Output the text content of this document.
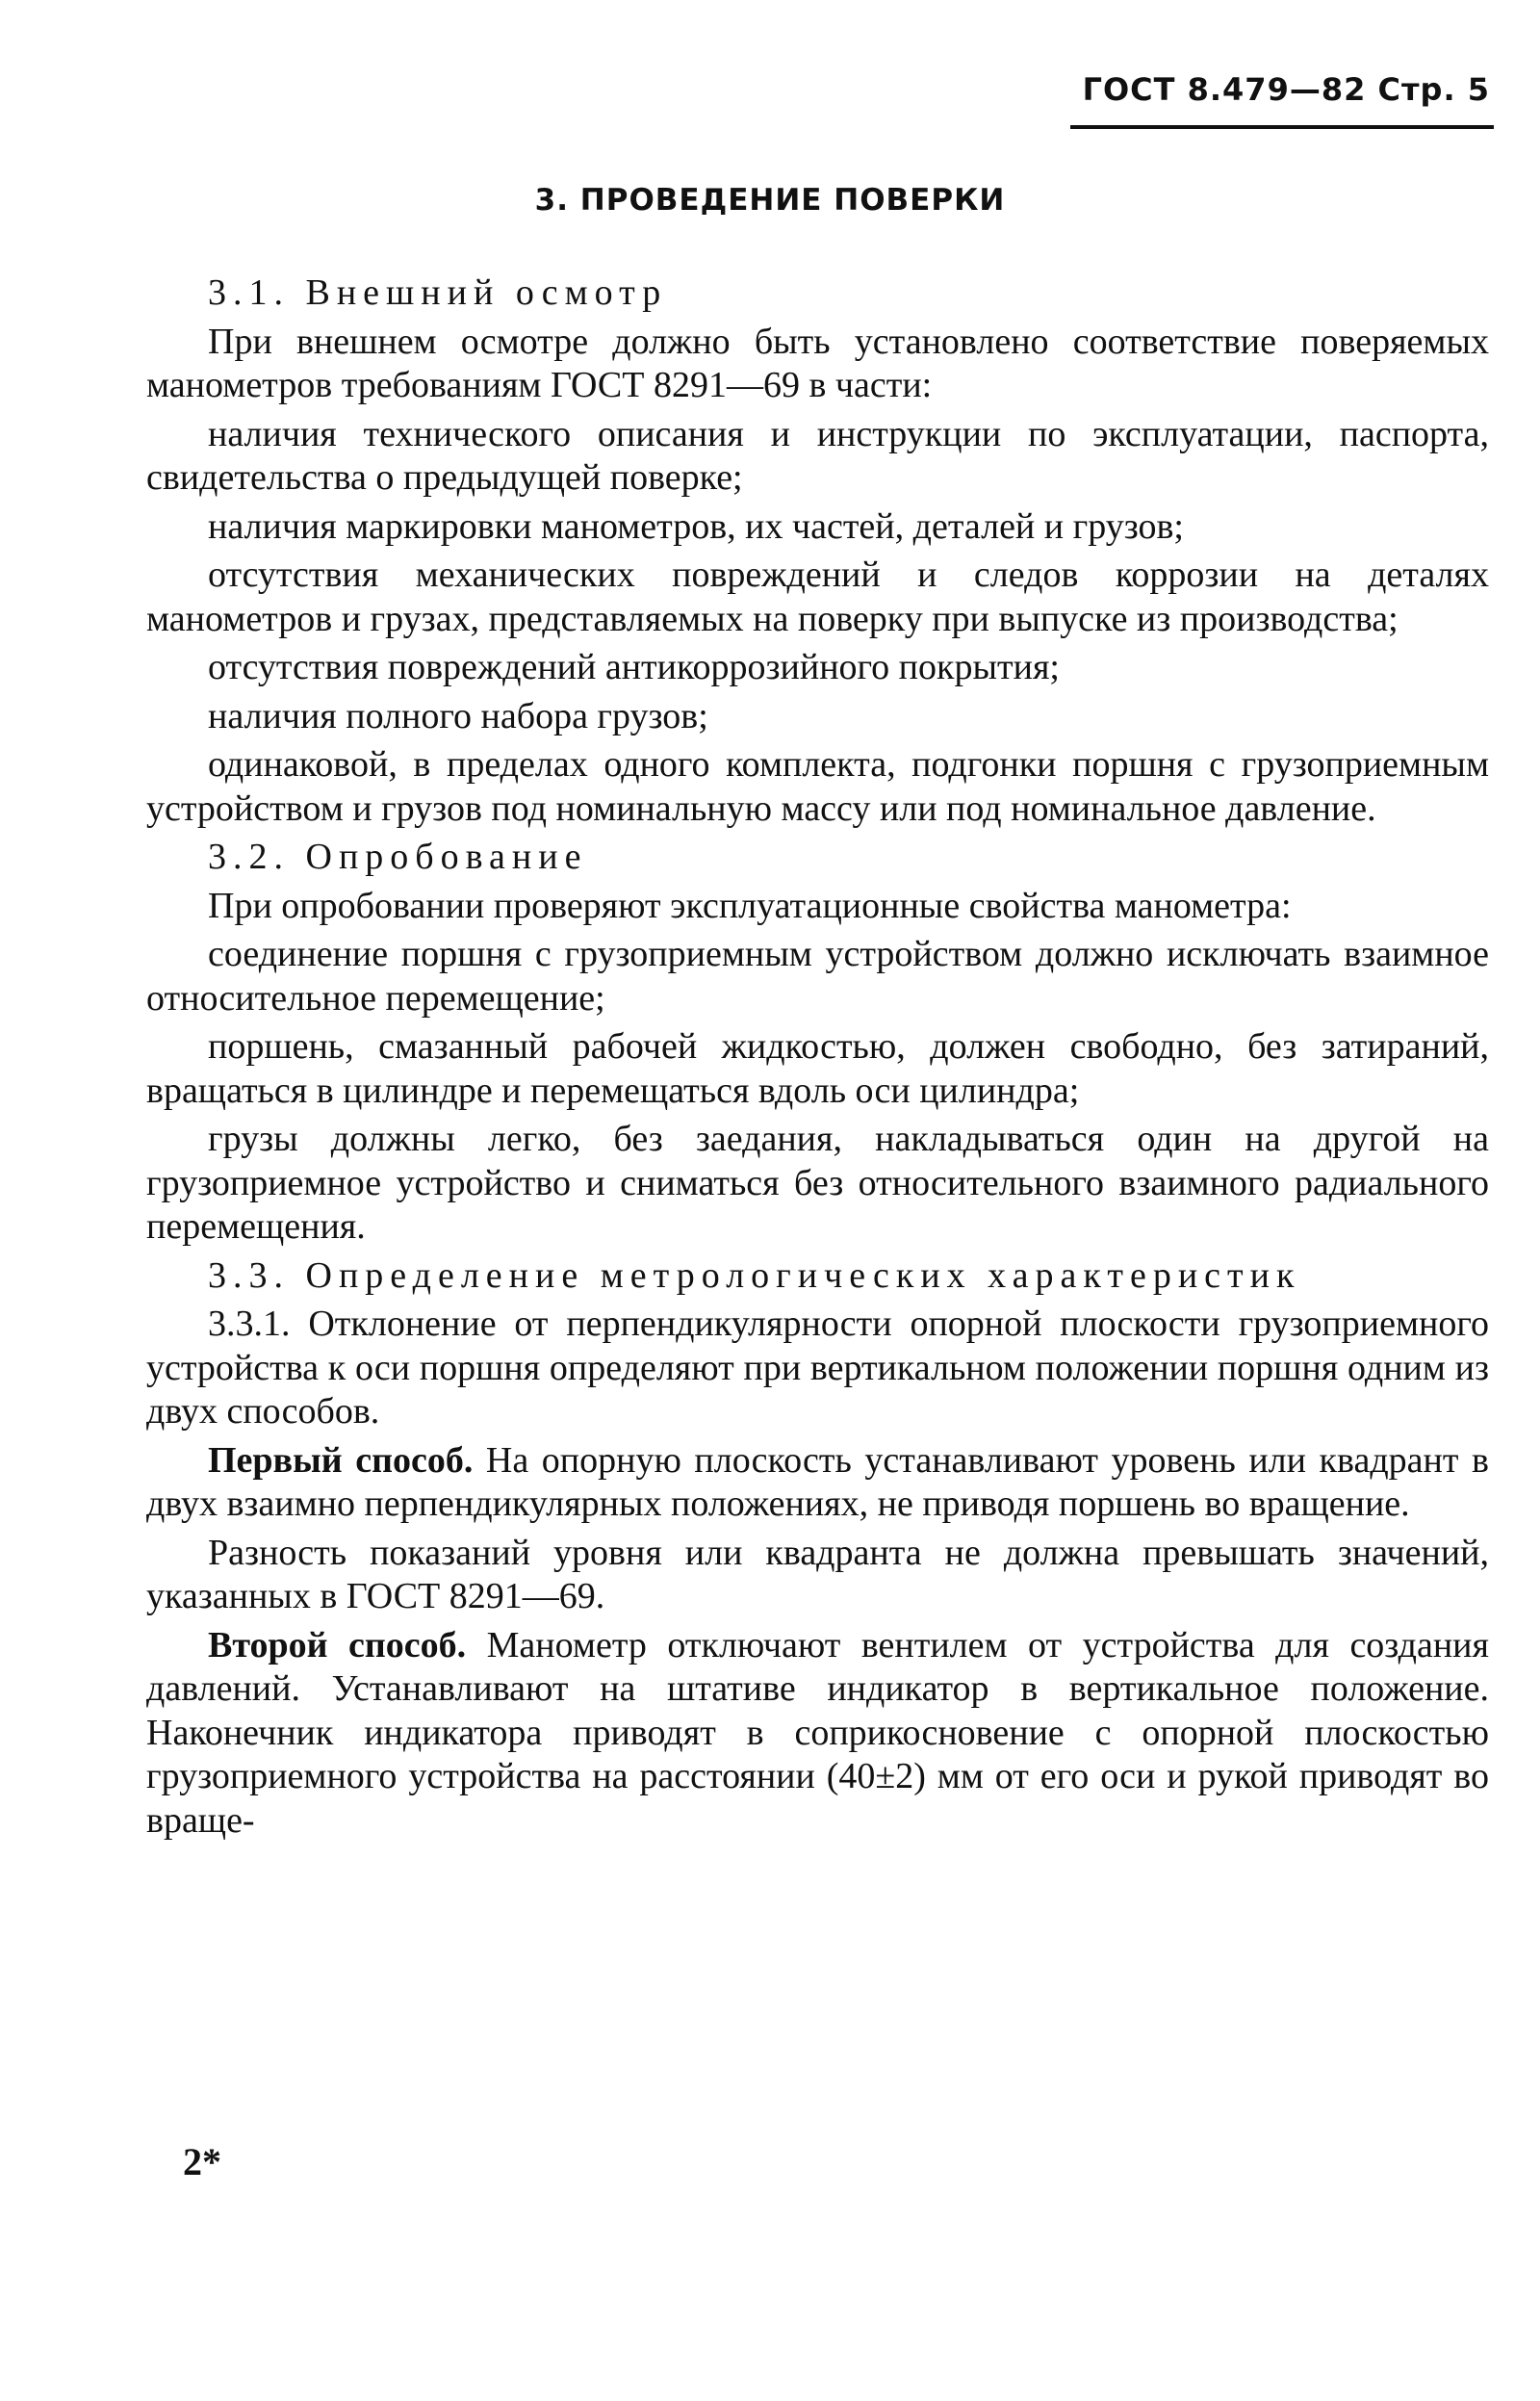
ГОСТ 8.479—82 Стр. 5
3. ПРОВЕДЕНИЕ ПОВЕРКИ

3.1. Внешний осмотр

При внешнем осмотре должно быть установлено соответствие поверяемых манометров требованиям ГОСТ 8291—69 в части:

наличия технического описания и инструкции по эксплуатации, паспорта, свидетельства о предыдущей поверке;

наличия маркировки манометров, их частей, деталей и грузов;

отсутствия механических повреждений и следов коррозии на деталях манометров и грузах, представляемых на поверку при выпуске из производства;

отсутствия повреждений антикоррозийного покрытия;

наличия полного набора грузов;

одинаковой, в пределах одного комплекта, подгонки поршня с грузоприемным устройством и грузов под номинальную массу или под номинальное давление.

3.2. Опробование

При опробовании проверяют эксплуатационные свойства манометра:

соединение поршня с грузоприемным устройством должно исключать взаимное относительное перемещение;

поршень, смазанный рабочей жидкостью, должен свободно, без затираний, вращаться в цилиндре и перемещаться вдоль оси цилиндра;

грузы должны легко, без заедания, накладываться один на другой на грузоприемное устройство и сниматься без относительного взаимного радиального перемещения.

3.3. Определение метрологических характеристик

3.3.1. Отклонение от перпендикулярности опорной плоскости грузоприемного устройства к оси поршня определяют при вертикальном положении поршня одним из двух способов.

Первый способ. На опорную плоскость устанавливают уровень или квадрант в двух взаимно перпендикулярных положениях, не приводя поршень во вращение.

Разность показаний уровня или квадранта не должна превышать значений, указанных в ГОСТ 8291—69.

Второй способ. Манометр отключают вентилем от устройства для создания давлений. Устанавливают на штативе индикатор в вертикальное положение. Наконечник индикатора приводят в соприкосновение с опорной плоскостью грузоприемного устройства на расстоянии (40±2) мм от его оси и рукой приводят во враще-

2*
